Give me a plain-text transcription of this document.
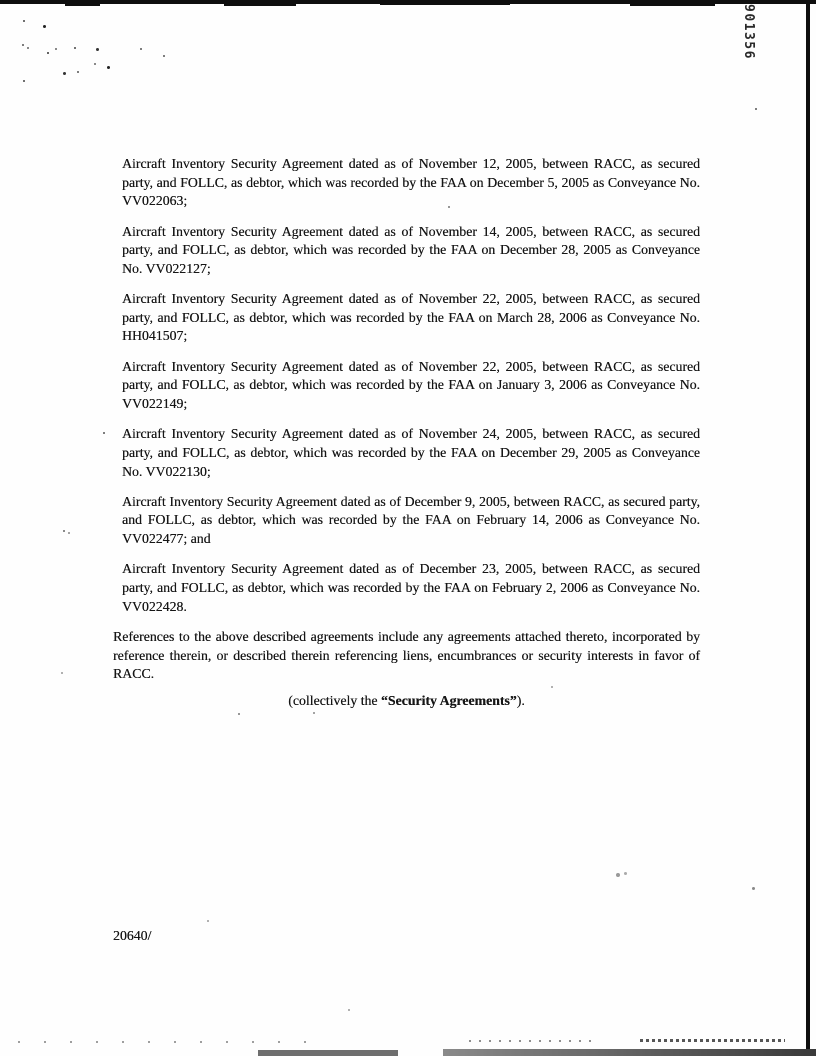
901356

Aircraft Inventory Security Agreement dated as of November 12, 2005, between RACC, as secured party, and FOLLC, as debtor, which was recorded by the FAA on December 5, 2005 as Conveyance No. VV022063;

Aircraft Inventory Security Agreement dated as of November 14, 2005, between RACC, as secured party, and FOLLC, as debtor, which was recorded by the FAA on December 28, 2005 as Conveyance No. VV022127;

Aircraft Inventory Security Agreement dated as of November 22, 2005, between RACC, as secured party, and FOLLC, as debtor, which was recorded by the FAA on March 28, 2006 as Conveyance No. HH041507;

Aircraft Inventory Security Agreement dated as of November 22, 2005, between RACC, as secured party, and FOLLC, as debtor, which was recorded by the FAA on January 3, 2006 as Conveyance No. VV022149;

Aircraft Inventory Security Agreement dated as of November 24, 2005, between RACC, as secured party, and FOLLC, as debtor, which was recorded by the FAA on December 29, 2005 as Conveyance No. VV022130;

Aircraft Inventory Security Agreement dated as of December 9, 2005, between RACC, as secured party, and FOLLC, as debtor, which was recorded by the FAA on February 14, 2006 as Conveyance No. VV022477; and

Aircraft Inventory Security Agreement dated as of December 23, 2005, between RACC, as secured party, and FOLLC, as debtor, which was recorded by the FAA on February 2, 2006 as Conveyance No. VV022428.

References to the above described agreements include any agreements attached thereto, incorporated by reference therein, or described therein referencing liens, encumbrances or security interests in favor of RACC.

(collectively the “Security Agreements”).

20640/
